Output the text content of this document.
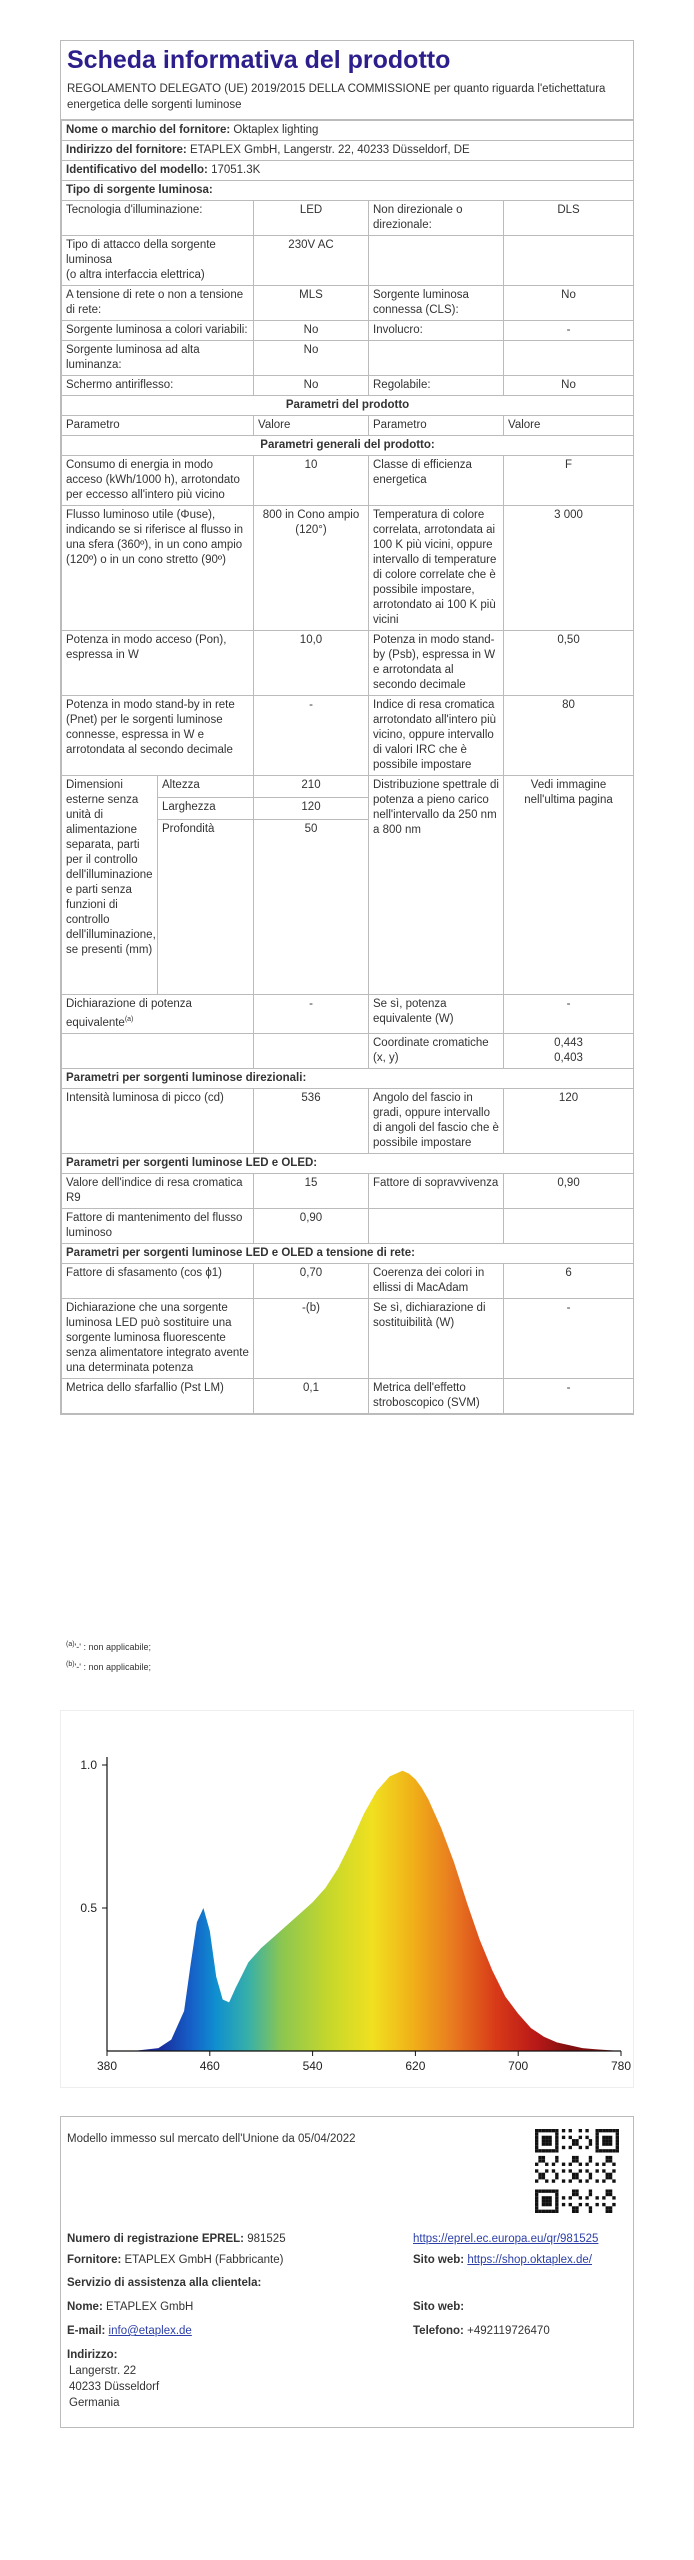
Scheda informativa del prodotto
REGOLAMENTO DELEGATO (UE) 2019/2015 DELLA COMMISSIONE per quanto riguarda l'etichettatura energetica delle sorgenti luminose
Nome o marchio del fornitore: Oktaplex lighting				
Indirizzo del fornitore: ETAPLEX GmbH, Langerstr. 22, 40233 Düsseldorf, DE				
Identificativo del modello: 17051.3K				
Tipo di sorgente luminosa:				
Tecnologia d'illuminazione:		LED	Non direzionale o direzionale:	DLS
Tipo di attacco della sorgente luminosa
(o altra interfaccia elettrica)		230V AC		
A tensione di rete o non a tensione di rete:		MLS	Sorgente luminosa connessa (CLS):	No
Sorgente luminosa a colori variabili:		No	Involucro:	-
Sorgente luminosa ad alta luminanza:		No		
Schermo antiriflesso:		No	Regolabile:	No
Parametri del prodotto				
Parametro		Valore	Parametro	Valore
Parametri generali del prodotto:				
Consumo di energia in modo acceso (kWh/1000 h), arrotondato per eccesso all'intero più vicino		10	Classe di efficienza energetica	F
Flusso luminoso utile (Φuse), indicando se si riferisce al flusso in una sfera (360º), in un cono ampio (120º) o in un cono stretto (90º)		800 in Cono ampio (120°)	Temperatura di colore correlata, arrotondata ai 100 K più vicini, oppure intervallo di temperature di colore correlate che è possibile impostare, arrotondato ai 100 K più vicini	3 000
Potenza in modo acceso (Pon), espressa in W		10,0	Potenza in modo stand-by (Psb), espressa in W e arrotondata al secondo decimale	0,50
Potenza in modo stand-by in rete (Pnet) per le sorgenti luminose connesse, espressa in W e arrotondata al secondo decimale		-	Indice di resa cromatica arrotondato all'intero più vicino, oppure intervallo di valori IRC che è possibile impostare	80
Dimensioni esterne senza unità di alimentazione separata, parti per il controllo dell'illuminazione e parti senza funzioni di controllo dell'illuminazione, se presenti (mm)	Altezza	210	Distribuzione spettrale di potenza a pieno carico nell'intervallo da 250 nm a 800 nm	Vedi immagine nell'ultima pagina
	Larghezza	120		
	Profondità	50		
Dichiarazione di potenza equivalente$^{(a)}$		-	Se sì, potenza equivalente (W)	-
			Coordinate cromatiche (x, y)	0,443
0,403

Parametri per sorgenti luminose direzionali:				
Intensità luminosa di picco (cd)		536	Angolo del fascio in gradi, oppure intervallo di angoli del fascio che è possibile impostare	120
Parametri per sorgenti luminose LED e OLED:				
Valore dell'indice di resa cromatica R9		15	Fattore di sopravvivenza	0,90
Fattore di mantenimento del flusso luminoso		0,90		
Parametri per sorgenti luminose LED e OLED a tensione di rete:				
Fattore di sfasamento (cos ϕ1)		0,70	Coerenza dei colori in ellissi di MacAdam	6
Dichiarazione che una sorgente luminosa LED può sostituire una sorgente luminosa fluorescente senza alimentatore integrato avente una determinata potenza		-(b)	Se sì, dichiarazione di sostituibilità (W)	-
Metrica dello sfarfallio (Pst LM)		0,1	Metrica dell'effetto stroboscopico (SVM)	-
$^{(a)}$'-' : non applicabile;
$^{(b)}$'-' : non applicabile;
380	460	540	620	700	780
0.5
1.0
Modello immesso sul mercato dell'Unione da 05/04/2022
Numero di registrazione EPREL: 981525	https://eprel.ec.europa.eu/qr/981525
Fornitore: ETAPLEX GmbH (Fabbricante)	Sito web: https://shop.oktaplex.de/
Servizio di assistenza alla clientela:
Nome: ETAPLEX GmbH	Sito web:
E-mail: info@etaplex.de	Telefono: +492119726470
Indirizzo:
Langerstr. 22
40233 Düsseldorf
Germania
